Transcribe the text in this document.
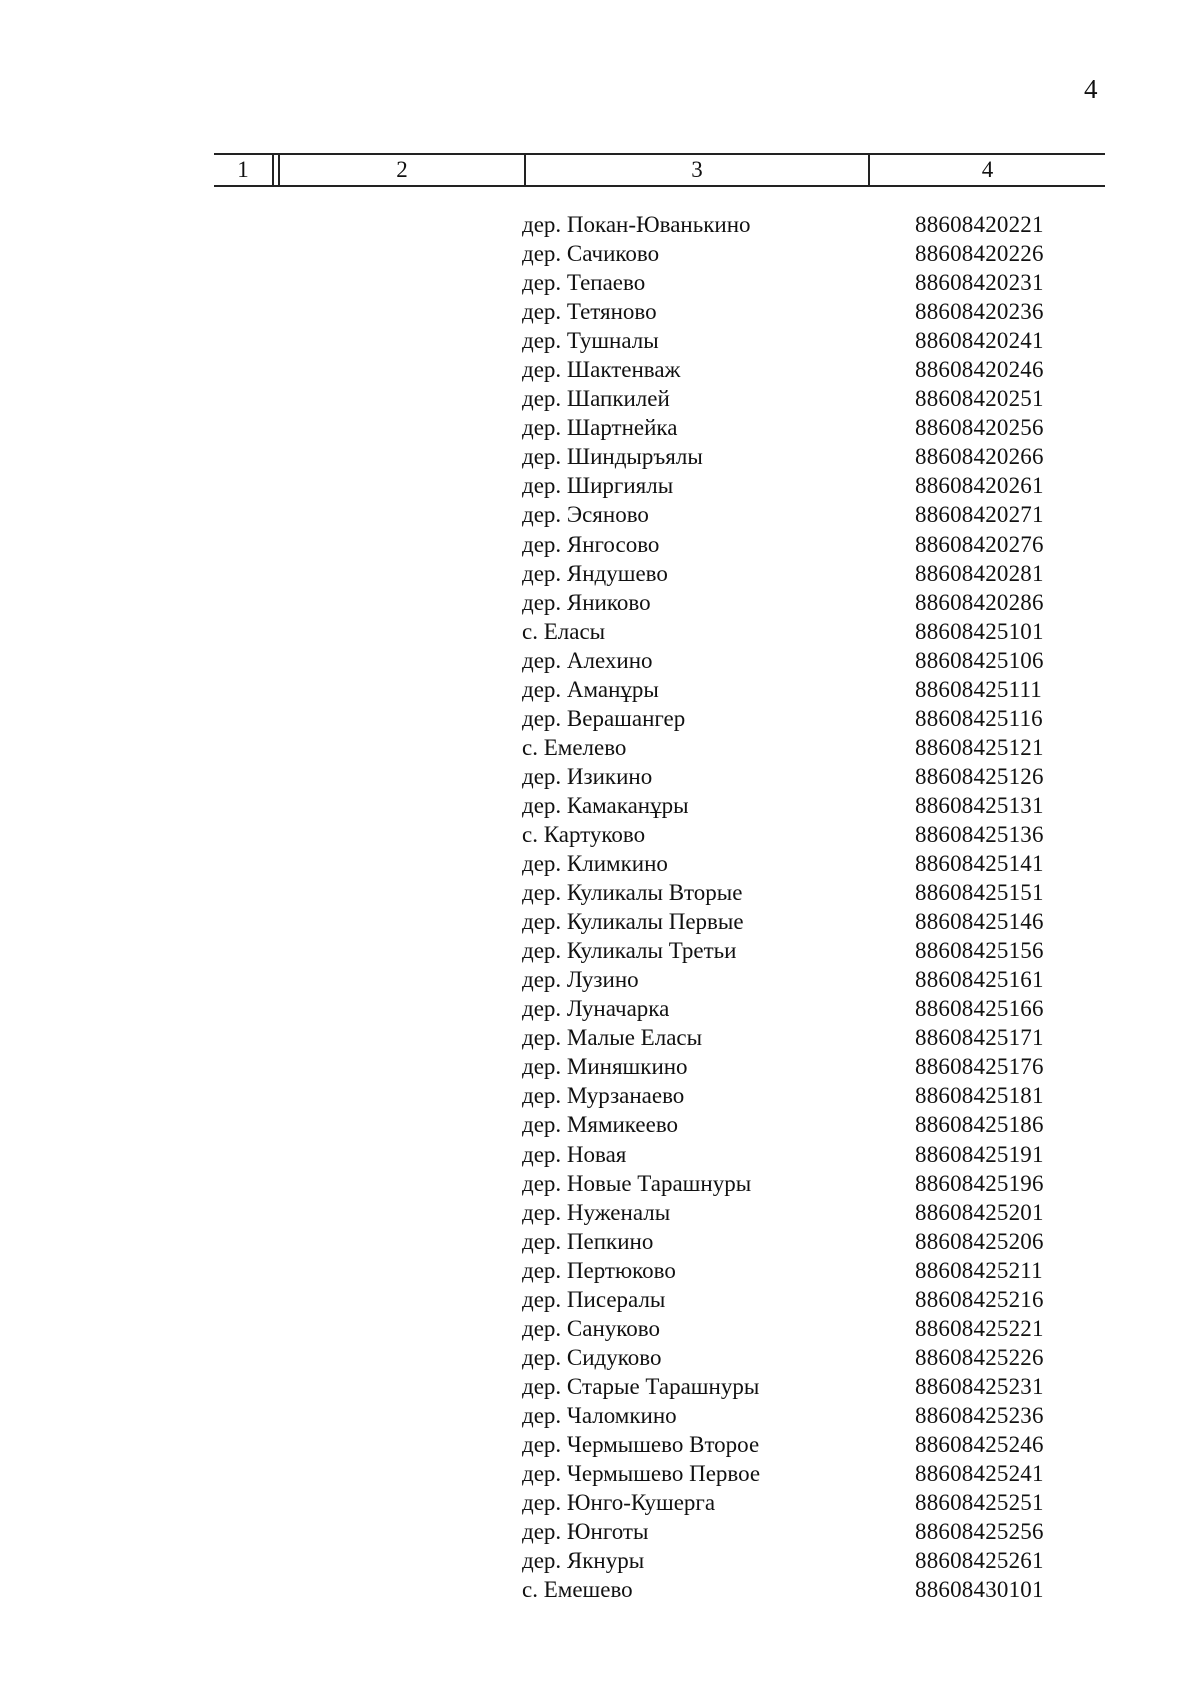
4
1	2	3	4
дер. Покан-Юванькино	88608420221
дер. Сачиково	88608420226
дер. Тепаево	88608420231
дер. Тетяново	88608420236
дер. Тушналы	88608420241
дер. Шактенваж	88608420246
дер. Шапкилей	88608420251
дер. Шартнейка	88608420256
дер. Шиндыръялы	88608420266
дер. Ширгиялы	88608420261
дер. Эсяново	88608420271
дер. Янгосово	88608420276
дер. Яндушево	88608420281
дер. Яниково	88608420286
с. Еласы	88608425101
дер. Алехино	88608425106
дер. Аманұры	88608425111
дер. Верашангер	88608425116
с. Емелево	88608425121
дер. Изикино	88608425126
дер. Камаканұры	88608425131
с. Картуково	88608425136
дер. Климкино	88608425141
дер. Куликалы Вторые	88608425151
дер. Куликалы Первые	88608425146
дер. Куликалы Третьи	88608425156
дер. Лузино	88608425161
дер. Луначарка	88608425166
дер. Малые Еласы	88608425171
дер. Миняшкино	88608425176
дер. Мурзанаево	88608425181
дер. Мямикеево	88608425186
дер. Новая	88608425191
дер. Новые Тарашнуры	88608425196
дер. Нуженалы	88608425201
дер. Пепкино	88608425206
дер. Пертюково	88608425211
дер. Писералы	88608425216
дер. Сануково	88608425221
дер. Сидуково	88608425226
дер. Старые Тарашнуры	88608425231
дер. Чаломкино	88608425236
дер. Чермышево Второе	88608425246
дер. Чермышево Первое	88608425241
дер. Юнго-Кушерга	88608425251
дер. Юнготы	88608425256
дер. Якнуры	88608425261
с. Емешево	88608430101
